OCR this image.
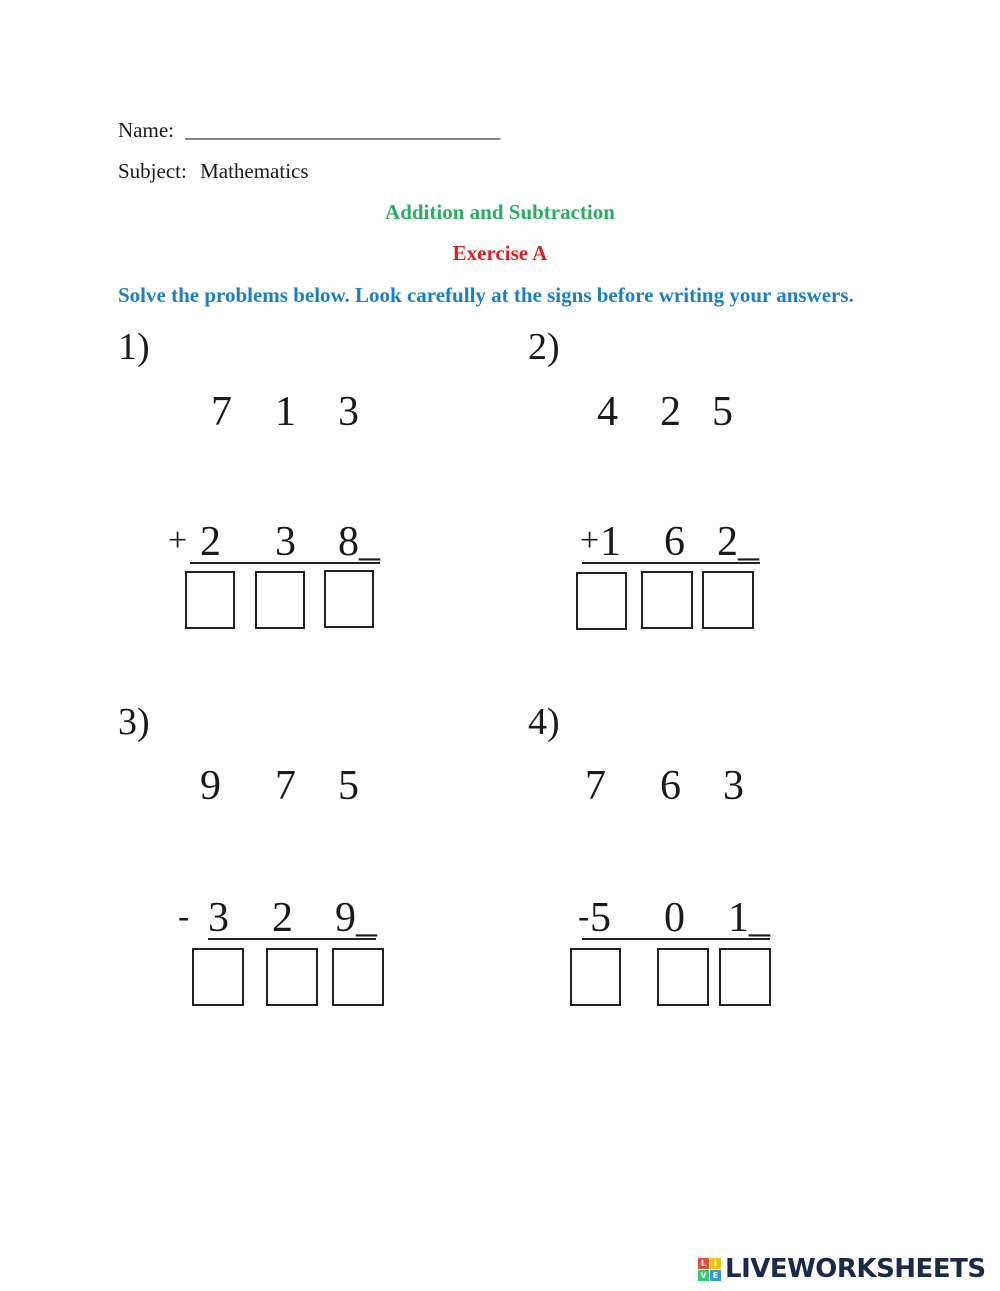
Name: ______________________________
Subject: Mathematics
Addition and Subtraction
Exercise A
Solve the problems below. Look carefully at the signs before writing your answers.
1)
7 1 3
+ 2 3 8_
2)
4 2 5
+ 1 6 2_
3)
9 7 5
- 3 2 9_
4)
7 6 3
- 5 0 1_
L I
V E LIVEWORKSHEETS
